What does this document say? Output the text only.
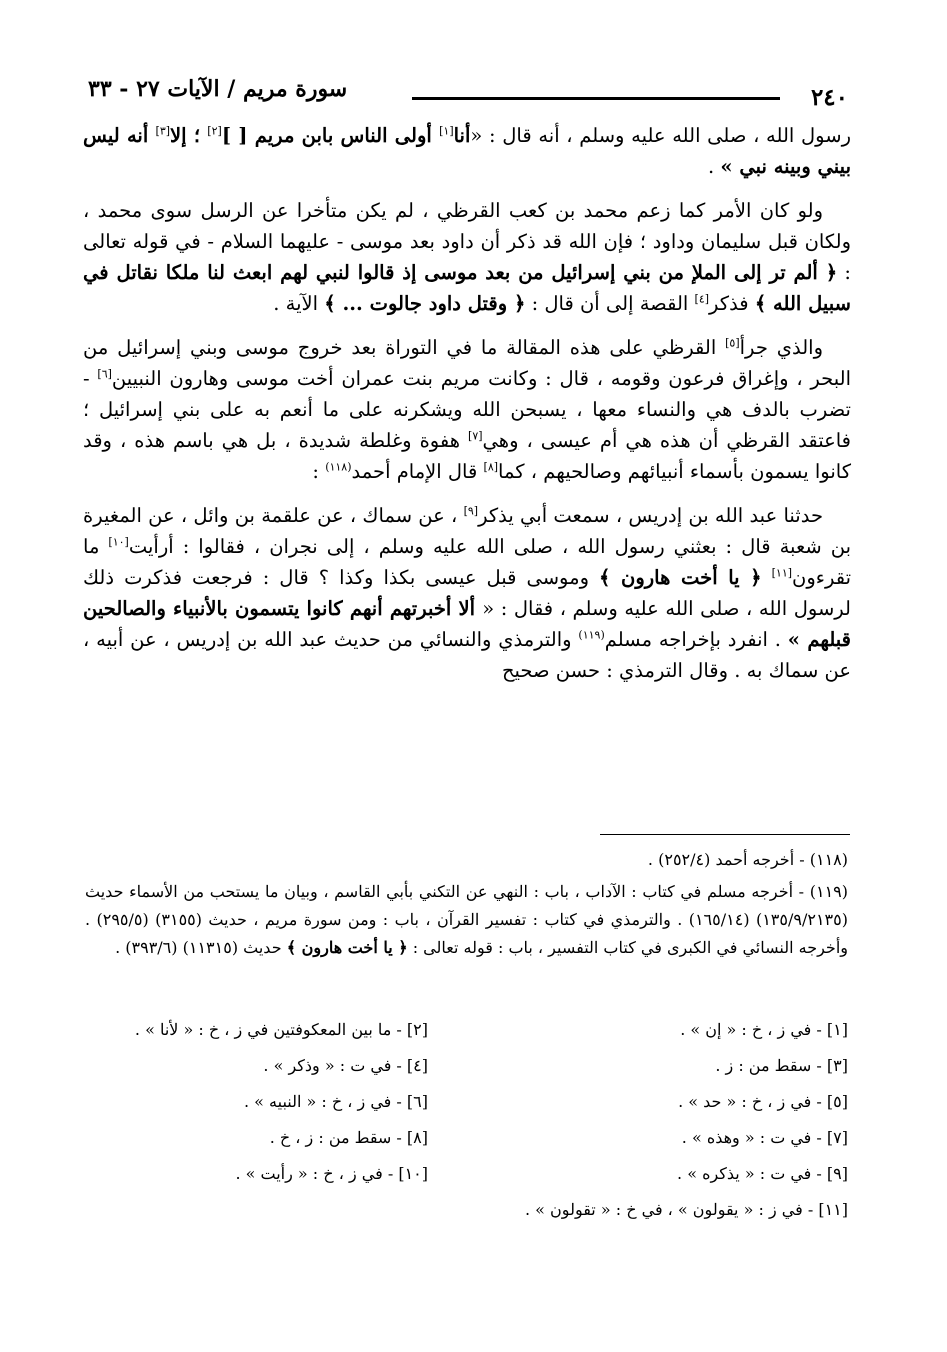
٢٤٠
سورة مريم / الآيات ٢٧ - ٣٣

رسول الله ، صلى الله عليه وسلم ، أنه قال : «أنا[١] أولى الناس بابن مريم [ ][٢] ؛ إلا[٣] أنه ليس بيني وبينه نبي » .

ولو كان الأمر كما زعم محمد بن كعب القرظي ، لم يكن متأخرا عن الرسل سوى محمد ، ولكان قبل سليمان وداود ؛ فإن الله قد ذكر أن داود بعد موسى - عليهما السلام - في قوله تعالى : ﴿ ألم تر إلى الملإ من بني إسرائيل من بعد موسى إذ قالوا لنبي لهم ابعث لنا ملكا نقاتل في سبيل الله ﴾ فذكر[٤] القصة إلى أن قال : ﴿ وقتل داود جالوت ... ﴾ الآية .

والذي جرأ[٥] القرظي على هذه المقالة ما في التوراة بعد خروج موسى وبني إسرائيل من البحر ، وإغراق فرعون وقومه ، قال : وكانت مريم بنت عمران أخت موسى وهارون النبيين[٦] - تضرب بالدف هي والنساء معها ، يسبحن الله ويشكرنه على ما أنعم به على بني إسرائيل ؛ فاعتقد القرظي أن هذه هي أم عيسى ، وهي[٧] هفوة وغلطة شديدة ، بل هي باسم هذه ، وقد كانوا يسمون بأسماء أنبيائهم وصالحيهم ، كما[٨] قال الإمام أحمد$^{(١١٨)}$ :

حدثنا عبد الله بن إدريس ، سمعت أبي يذكر[٩] ، عن سماك ، عن علقمة بن وائل ، عن المغيرة بن شعبة قال : بعثني رسول الله ، صلى الله عليه وسلم ، إلى نجران ، فقالوا : أرأيت[١٠] ما تقرءون[١١] ﴿ يا أخت هارون ﴾ وموسى قبل عيسى بكذا وكذا ؟ قال : فرجعت فذكرت ذلك لرسول الله ، صلى الله عليه وسلم ، فقال : « ألا أخبرتهم أنهم كانوا يتسمون بالأنبياء والصالحين قبلهم » . انفرد بإخراجه مسلم$^{(١١٩)}$ والترمذي والنسائي من حديث عبد الله بن إدريس ، عن أبيه ، عن سماك به . وقال الترمذي : حسن صحيح

(١١٨) - أخرجه أحمد (٢٥٢/٤) .

(١١٩) - أخرجه مسلم في كتاب : الآداب ، باب : النهي عن التكني بأبي القاسم ، وبيان ما يستحب من الأسماء حديث (١٣٥/٩/٢١٣٥) (١٦٥/١٤) . والترمذي في كتاب : تفسير القرآن ، باب : ومن سورة مريم ، حديث (٣١٥٥) (٢٩٥/٥) . وأخرجه النسائي في الكبرى في كتاب التفسير ، باب : قوله تعالى : ﴿ يا أخت هارون ﴾ حديث (١١٣١٥) (٣٩٣/٦) .

[١] - في ز ، خ : « إن » .
[٢] - ما بين المعكوفتين في ز ، خ : « لأنا » .
[٣] - سقط من : ز .
[٤] - في ت : « وذكر » .
[٥] - في ز ، خ : « حد » .
[٦] - في ز ، خ : « النبيه » .
[٧] - في ت : « وهذه » .
[٨] - سقط من : ز ، خ .
[٩] - في ت : « يذكره » .
[١٠] - في ز ، خ : « رأيت » .
[١١] - في ز : « يقولون » ، في خ : « تقولون » .
